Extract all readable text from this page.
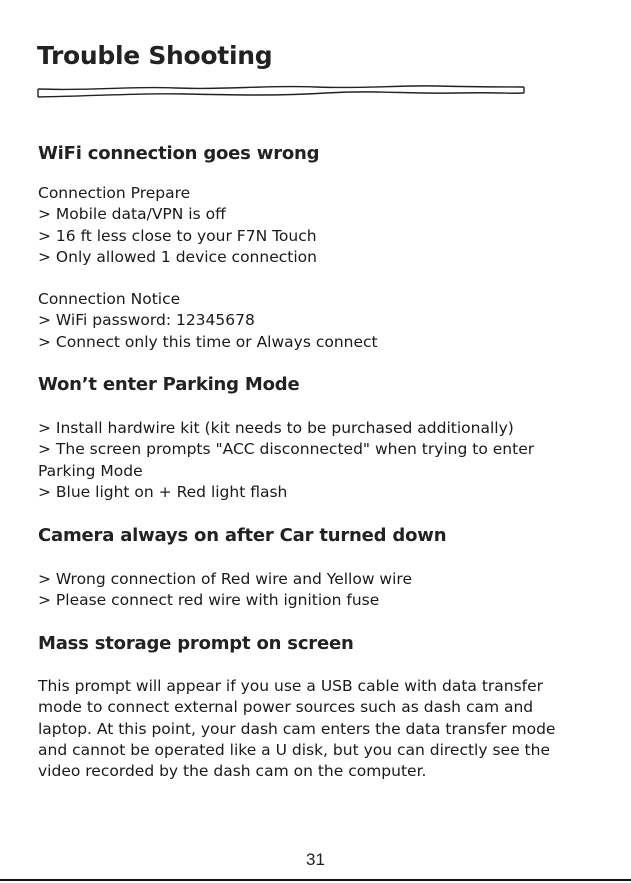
Trouble Shooting
WiFi connection goes wrong
Connection Prepare
> Mobile data/VPN is off
> 16 ft less close to your F7N Touch
> Only allowed 1 device connection
Connection Notice
> WiFi password: 12345678
> Connect only this time or Always connect
Won’t enter Parking Mode
> Install hardwire kit (kit needs to be purchased additionally)
> The screen prompts "ACC disconnected" when trying to enter
Parking Mode
> Blue light on + Red light flash
Camera always on after Car turned down
> Wrong connection of Red wire and Yellow wire
> Please connect red wire with ignition fuse
Mass storage prompt on screen
This prompt will appear if you use a USB cable with data transfer
mode to connect external power sources such as dash cam and
laptop. At this point, your dash cam enters the data transfer mode
and cannot be operated like a U disk, but you can directly see the
video recorded by the dash cam on the computer.
31
